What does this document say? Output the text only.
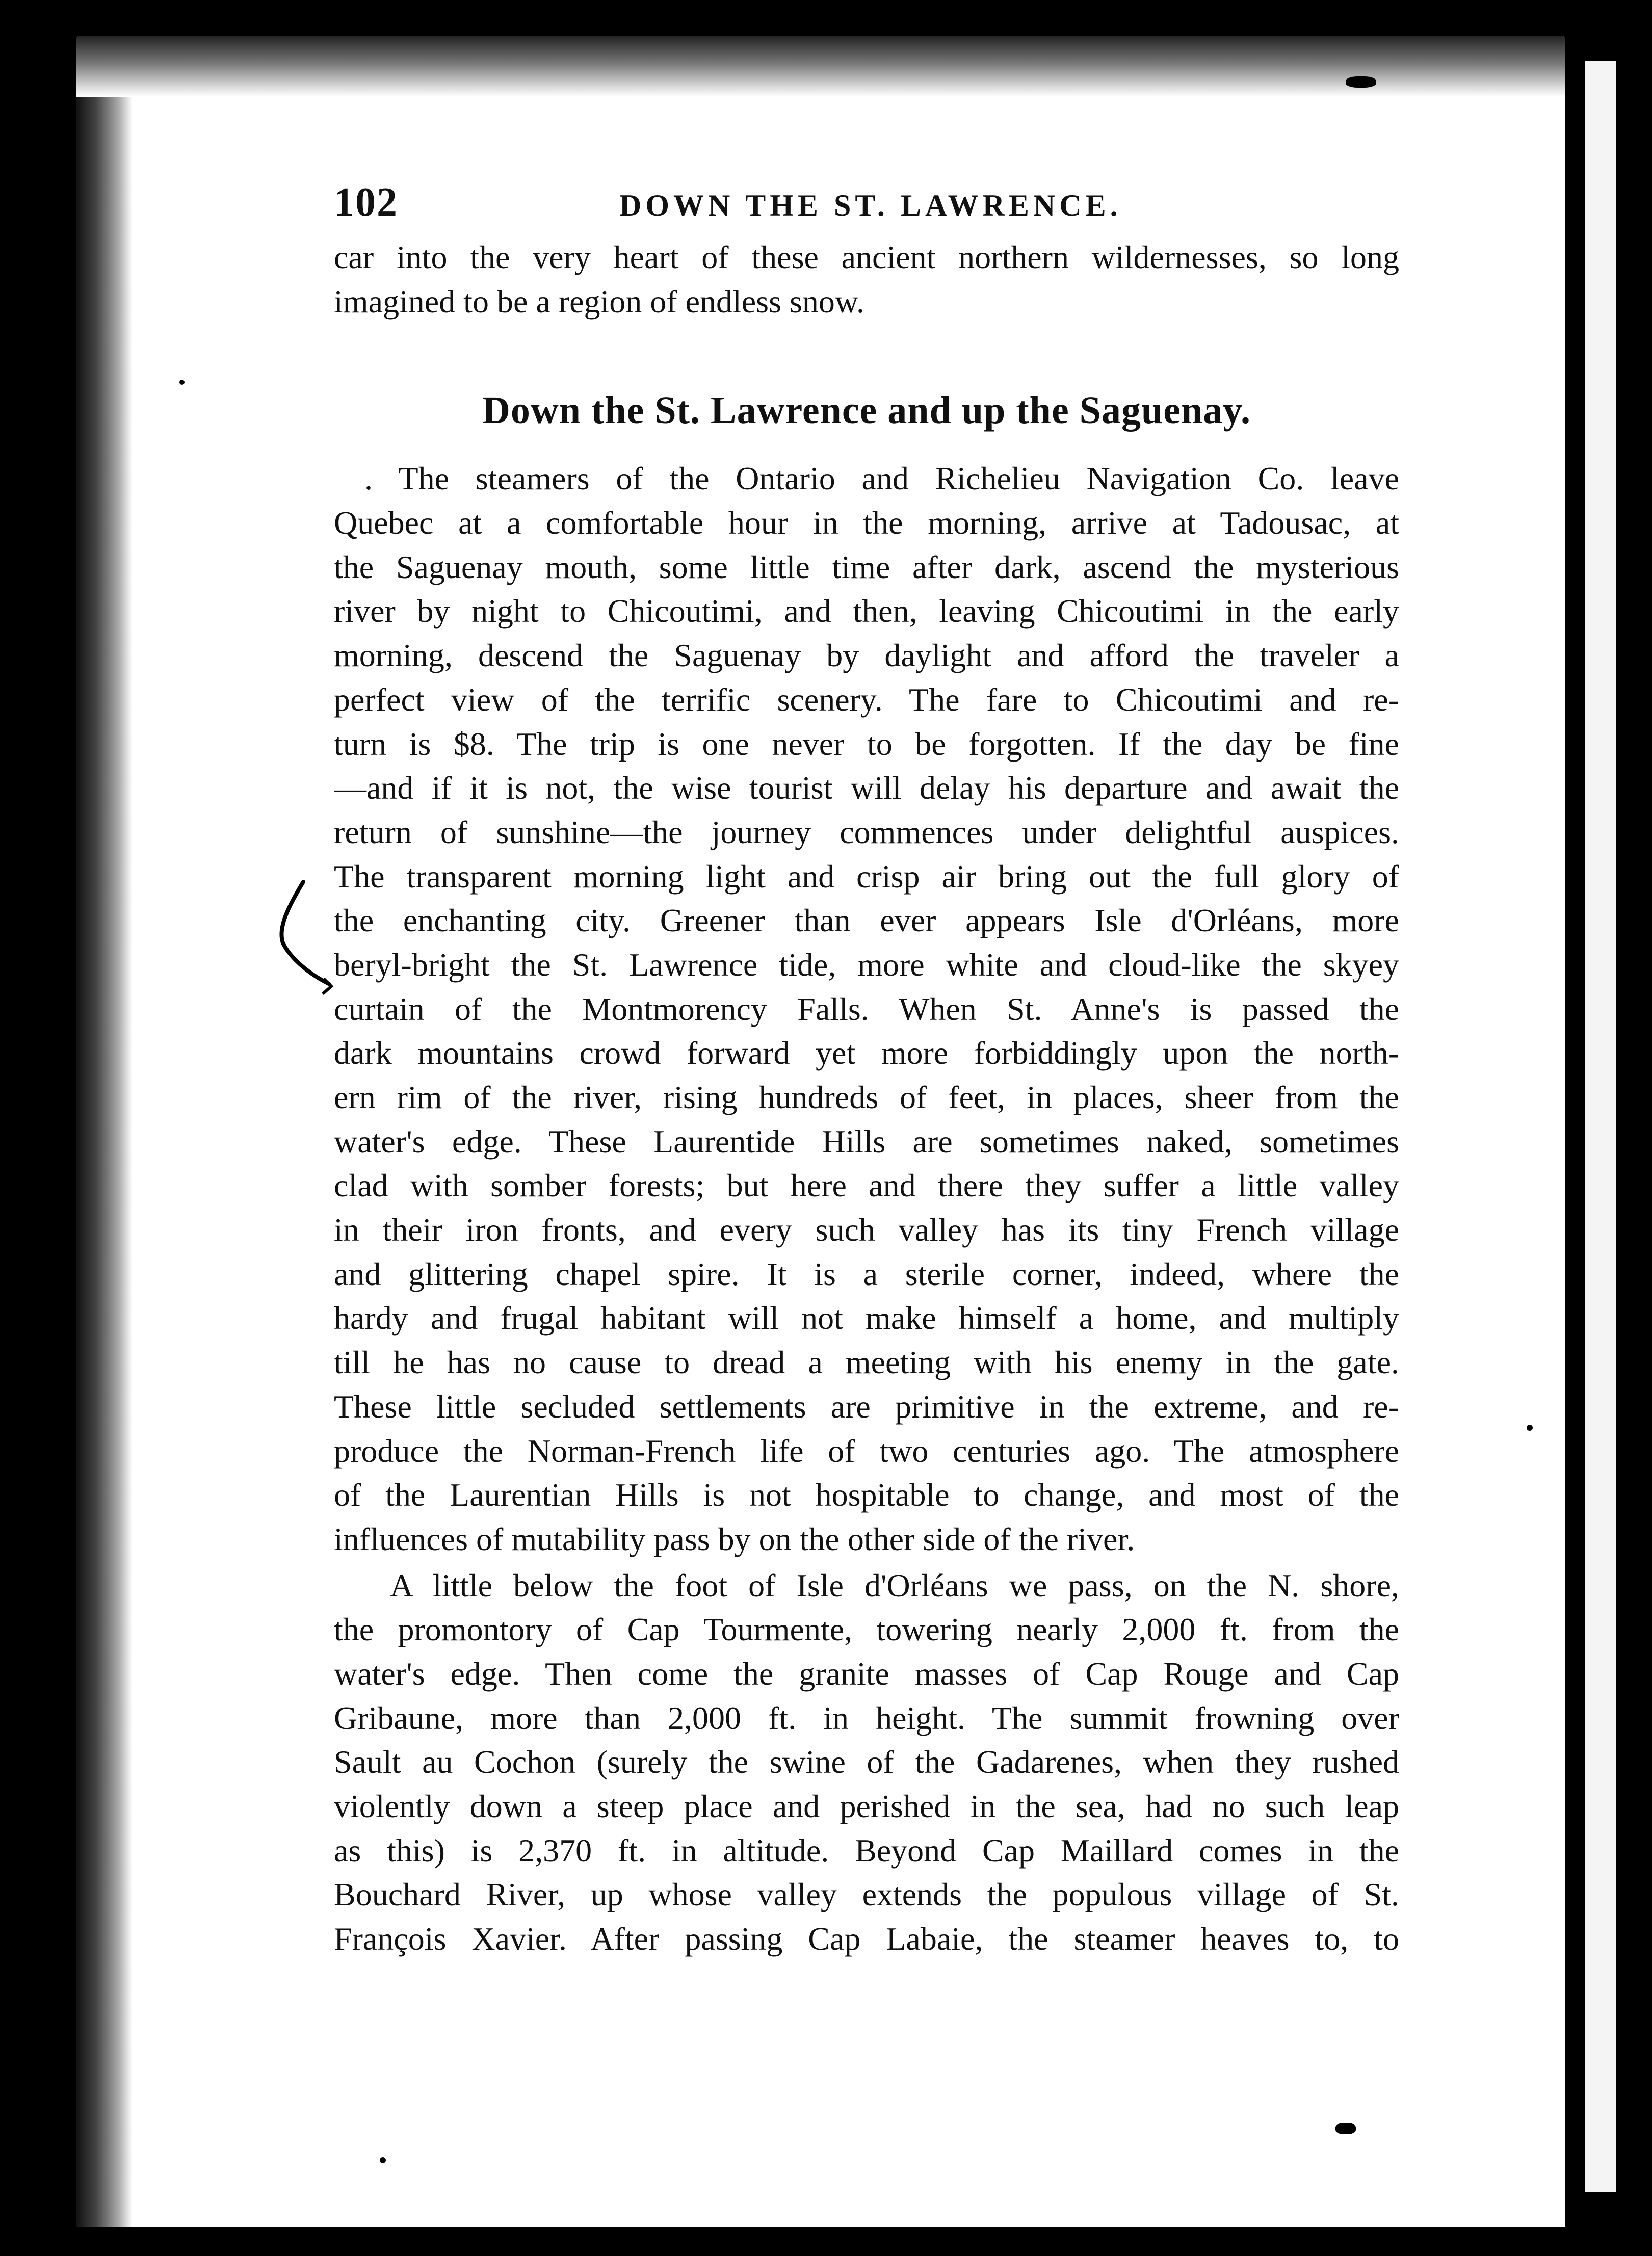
102	DOWN THE ST. LAWRENCE.
car into the very heart of these ancient northern wildernesses, so long
imagined to be a region of endless snow.
Down the St. Lawrence and up the Saguenay.
. The steamers of the Ontario and Richelieu Navigation Co. leave
Quebec at a comfortable hour in the morning, arrive at Tadousac, at
the Saguenay mouth, some little time after dark, ascend the mysterious
river by night to Chicoutimi, and then, leaving Chicoutimi in the early
morning, descend the Saguenay by daylight and afford the traveler a
perfect view of the terrific scenery. The fare to Chicoutimi and re-
turn is $8. The trip is one never to be forgotten. If the day be fine
—and if it is not, the wise tourist will delay his departure and await the
return of sunshine—the journey commences under delightful auspices.
The transparent morning light and crisp air bring out the full glory of
the enchanting city. Greener than ever appears Isle d'Orléans, more
beryl-bright the St. Lawrence tide, more white and cloud-like the skyey
curtain of the Montmorency Falls. When St. Anne's is passed the
dark mountains crowd forward yet more forbiddingly upon the north-
ern rim of the river, rising hundreds of feet, in places, sheer from the
water's edge. These Laurentide Hills are sometimes naked, sometimes
clad with somber forests; but here and there they suffer a little valley
in their iron fronts, and every such valley has its tiny French village
and glittering chapel spire. It is a sterile corner, indeed, where the
hardy and frugal habitant will not make himself a home, and multiply
till he has no cause to dread a meeting with his enemy in the gate.
These little secluded settlements are primitive in the extreme, and re-
produce the Norman-French life of two centuries ago. The atmosphere
of the Laurentian Hills is not hospitable to change, and most of the
influences of mutability pass by on the other side of the river.
A little below the foot of Isle d'Orléans we pass, on the N. shore,
the promontory of Cap Tourmente, towering nearly 2,000 ft. from the
water's edge. Then come the granite masses of Cap Rouge and Cap
Gribaune, more than 2,000 ft. in height. The summit frowning over
Sault au Cochon (surely the swine of the Gadarenes, when they rushed
violently down a steep place and perished in the sea, had no such leap
as this) is 2,370 ft. in altitude. Beyond Cap Maillard comes in the
Bouchard River, up whose valley extends the populous village of St.
François Xavier. After passing Cap Labaie, the steamer heaves to, to
